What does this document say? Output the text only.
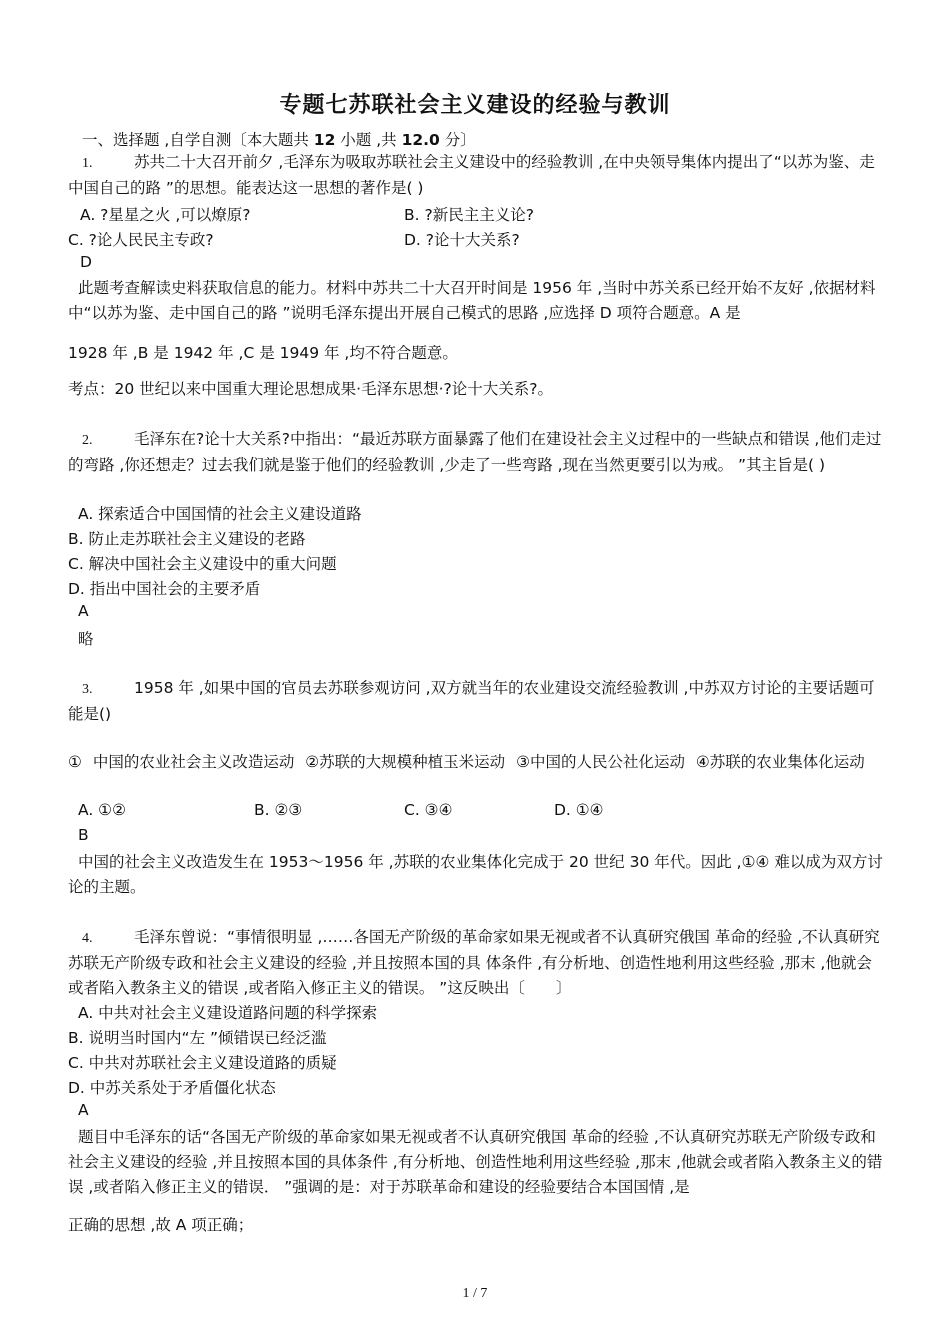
专题七苏联社会主义建设的经验与教训
一、选择题 ,自学自测〔本大题共 12 小题 ,共 12.0 分〕
1.	苏共二十大召开前夕 ,毛泽东为吸取苏联社会主义建设中的经验教训 ,在中央领导集体内提出了“以苏为鉴、走中国自己的路 ”的思想。能表达这一思想的著作是( )
A. ?星星之火 ,可以燎原?	B. ?新民主主义论?
C. ?论人民民主专政?	D. ?论十大关系?
D
此题考查解读史料获取信息的能力。材料中苏共二十大召开时间是 1956 年 ,当时中苏关系已经开始不友好 ,依据材料中“以苏为鉴、走中国自己的路 ”说明毛泽东提出开展自己模式的思路 ,应选择 D 项符合题意。A 是
1928 年 ,B 是 1942 年 ,C 是 1949 年 ,均不符合题意。
考点：20 世纪以来中国重大理论思想成果·毛泽东思想·?论十大关系?。
2.	毛泽东在?论十大关系?中指出：“最近苏联方面暴露了他们在建设社会主义过程中的一些缺点和错误 ,他们走过的弯路 ,你还想走？过去我们就是鉴于他们的经验教训 ,少走了一些弯路 ,现在当然更要引以为戒。 ”其主旨是( )
A. 探索适合中国国情的社会主义建设道路
B. 防止走苏联社会主义建设的老路
C. 解决中国社会主义建设中的重大问题
D. 指出中国社会的主要矛盾
A
略
3.	1958 年 ,如果中国的官员去苏联参观访问 ,双方就当年的农业建设交流经验教训 ,中苏双方讨论的主要话题可能是()
① 中国的农业社会主义改造运动 ②苏联的大规模种植玉米运动 ③中国的人民公社化运动 ④苏联的农业集体化运动
A. ①②	B. ②③	C. ③④	D. ①④
B
中国的社会主义改造发生在 1953～1956 年 ,苏联的农业集体化完成于 20 世纪 30 年代。因此 ,①④ 难以成为双方讨论的主题。
4.	毛泽东曾说：“事情很明显 ,……各国无产阶级的革命家如果无视或者不认真研究俄国 革命的经验 ,不认真研究苏联无产阶级专政和社会主义建设的经验 ,并且按照本国的具 体条件 ,有分析地、创造性地利用这些经验 ,那末 ,他就会或者陷入教条主义的错误 ,或者陷入修正主义的错误。 ”这反映出〔　　〕
A. 中共对社会主义建设道路问题的科学探索
B. 说明当时国内“左 ”倾错误已经泛滥
C. 中共对苏联社会主义建设道路的质疑
D. 中苏关系处于矛盾僵化状态
A
题目中毛泽东的话“各国无产阶级的革命家如果无视或者不认真研究俄国 革命的经验 ,不认真研究苏联无产阶级专政和社会主义建设的经验 ,并且按照本国的具体条件 ,有分析地、创造性地利用这些经验 ,那末 ,他就会或者陷入教条主义的错误 ,或者陷入修正主义的错误． ”强调的是：对于苏联革命和建设的经验要结合本国国情 ,是
正确的思想 ,故 A 项正确；
1 / 7
